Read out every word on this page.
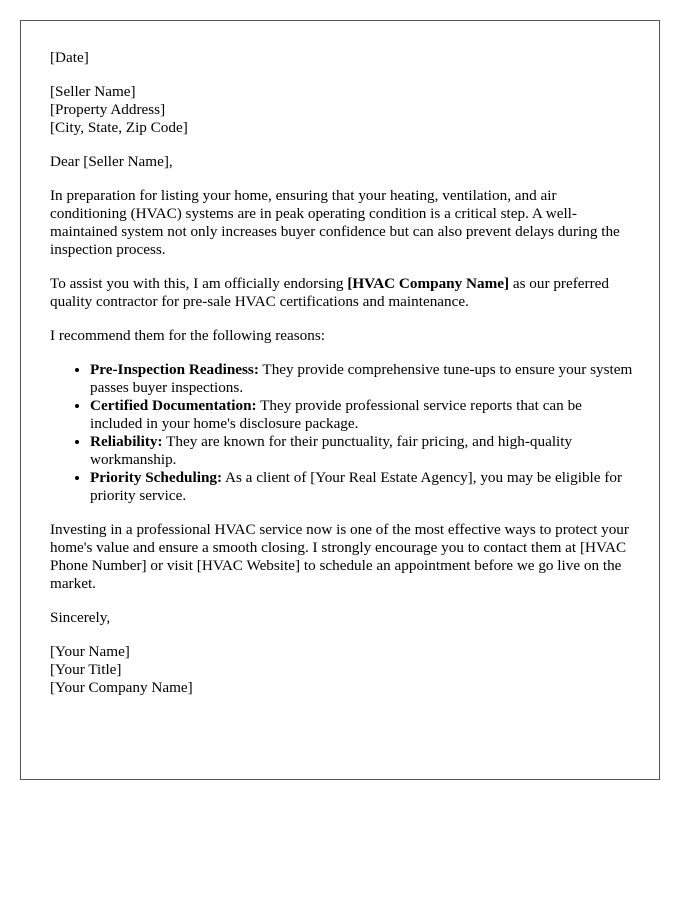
[Date]

[Seller Name]

[Property Address]

[City, State, Zip Code]

Dear [Seller Name],

In preparation for listing your home, ensuring that your heating, ventilation, and air conditioning (HVAC) systems are in peak operating condition is a critical step. A well-maintained system not only increases buyer confidence but can also prevent delays during the inspection process.

To assist you with this, I am officially endorsing [HVAC Company Name] as our preferred quality contractor for pre-sale HVAC certifications and maintenance.

I recommend them for the following reasons:

• Pre-Inspection Readiness: They provide comprehensive tune-ups to ensure your system passes buyer inspections.
• Certified Documentation: They provide professional service reports that can be included in your home's disclosure package.
• Reliability: They are known for their punctuality, fair pricing, and high-quality workmanship.
• Priority Scheduling: As a client of [Your Real Estate Agency], you may be eligible for priority service.

Investing in a professional HVAC service now is one of the most effective ways to protect your home's value and ensure a smooth closing. I strongly encourage you to contact them at [HVAC Phone Number] or visit [HVAC Website] to schedule an appointment before we go live on the market.

Sincerely,

[Your Name]

[Your Title]

[Your Company Name]
